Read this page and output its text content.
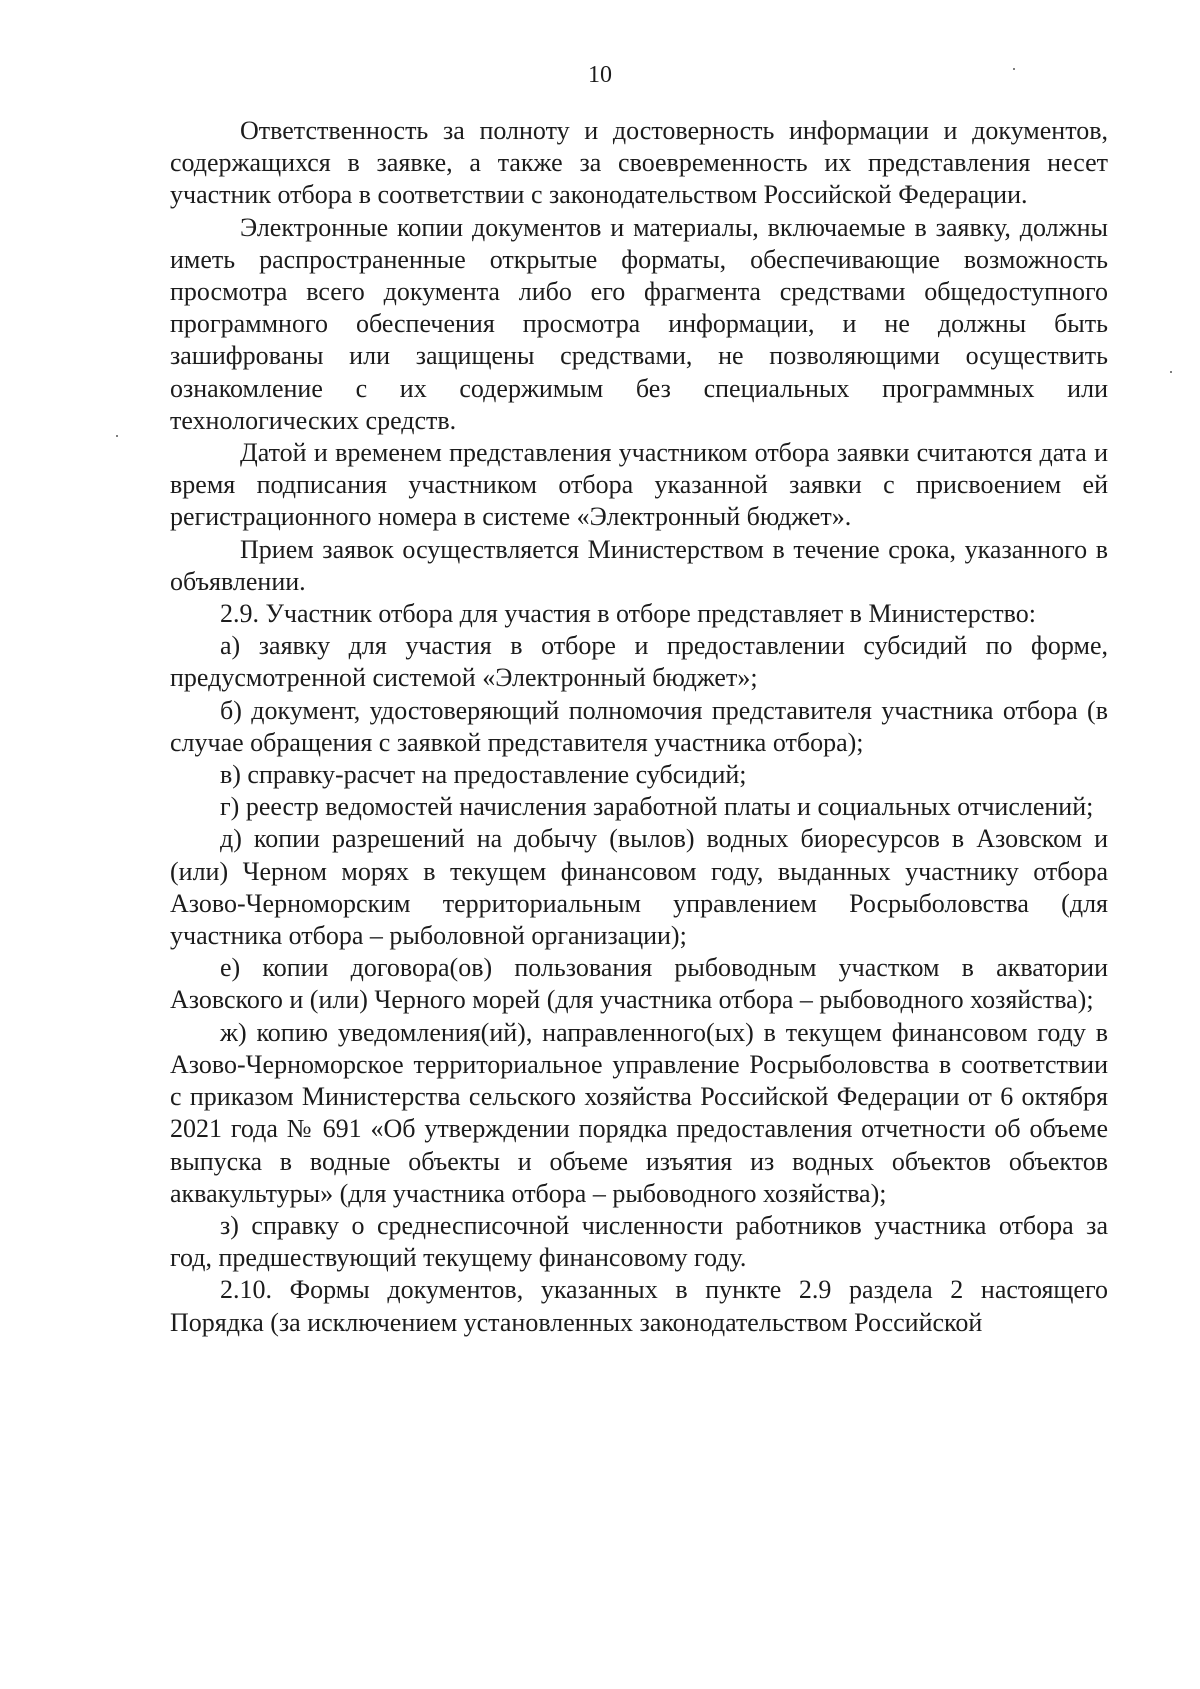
10

Ответственность за полноту и достоверность информации и документов, содержащихся в заявке, а также за своевременность их представления несет участник отбора в соответствии с законодательством Российской Федерации.

Электронные копии документов и материалы, включаемые в заявку, должны иметь распространенные открытые форматы, обеспечивающие возможность просмотра всего документа либо его фрагмента средствами общедоступного программного обеспечения просмотра информации, и не должны быть зашифрованы или защищены средствами, не позволяющими осуществить ознакомление с их содержимым без специальных программных или технологических средств.

Датой и временем представления участником отбора заявки считаются дата и время подписания участником отбора указанной заявки с присвоением ей регистрационного номера в системе «Электронный бюджет».

Прием заявок осуществляется Министерством в течение срока, указанного в объявлении.

2.9. Участник отбора для участия в отборе представляет в Министерство:

а) заявку для участия в отборе и предоставлении субсидий по форме, предусмотренной системой «Электронный бюджет»;

б) документ, удостоверяющий полномочия представителя участника отбора (в случае обращения с заявкой представителя участника отбора);

в) справку-расчет на предоставление субсидий;

г) реестр ведомостей начисления заработной платы и социальных отчислений;

д) копии разрешений на добычу (вылов) водных биоресурсов в Азовском и (или) Черном морях в текущем финансовом году, выданных участнику отбора Азово-Черноморским территориальным управлением Росрыболовства (для участника отбора – рыболовной организации);

е) копии договора(ов) пользования рыбоводным участком в акватории Азовского и (или) Черного морей (для участника отбора – рыбоводного хозяйства);

ж) копию уведомления(ий), направленного(ых) в текущем финансовом году в Азово-Черноморское территориальное управление Росрыболовства в соответствии с приказом Министерства сельского хозяйства Российской Федерации от 6 октября 2021 года № 691 «Об утверждении порядка предоставления отчетности об объеме выпуска в водные объекты и объеме изъятия из водных объектов объектов аквакультуры» (для участника отбора – рыбоводного хозяйства);

з) справку о среднесписочной численности работников участника отбора за год, предшествующий текущему финансовому году.

2.10. Формы документов, указанных в пункте 2.9 раздела 2 настоящего Порядка (за исключением установленных законодательством Российской
